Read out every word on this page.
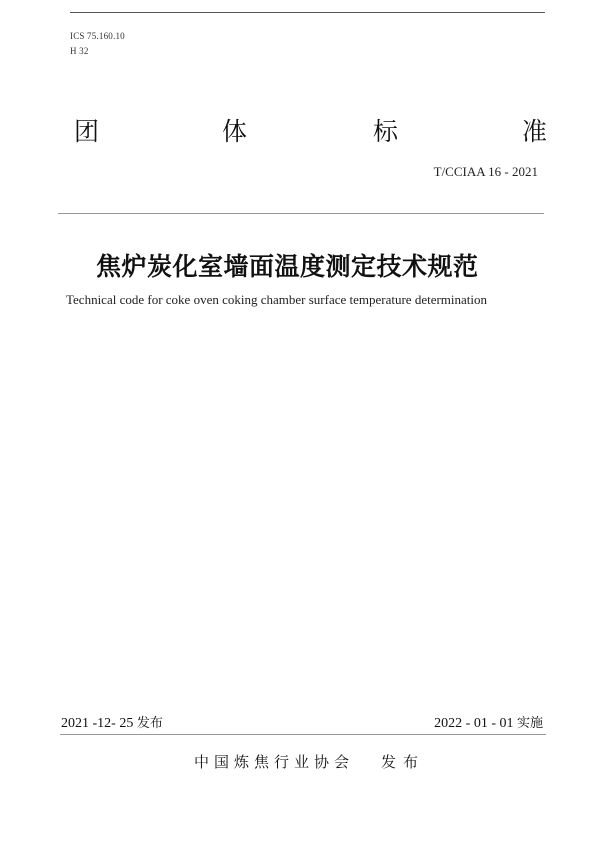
ICS 75.160.10
H 32
团	体	标	准
T/CCIAA 16 - 2021
焦炉炭化室墙面温度测定技术规范
Technical code for coke oven coking chamber surface temperature determination
2021 -12- 25 发布	2022 - 01 - 01 实施
中国炼焦行业协会 发布
